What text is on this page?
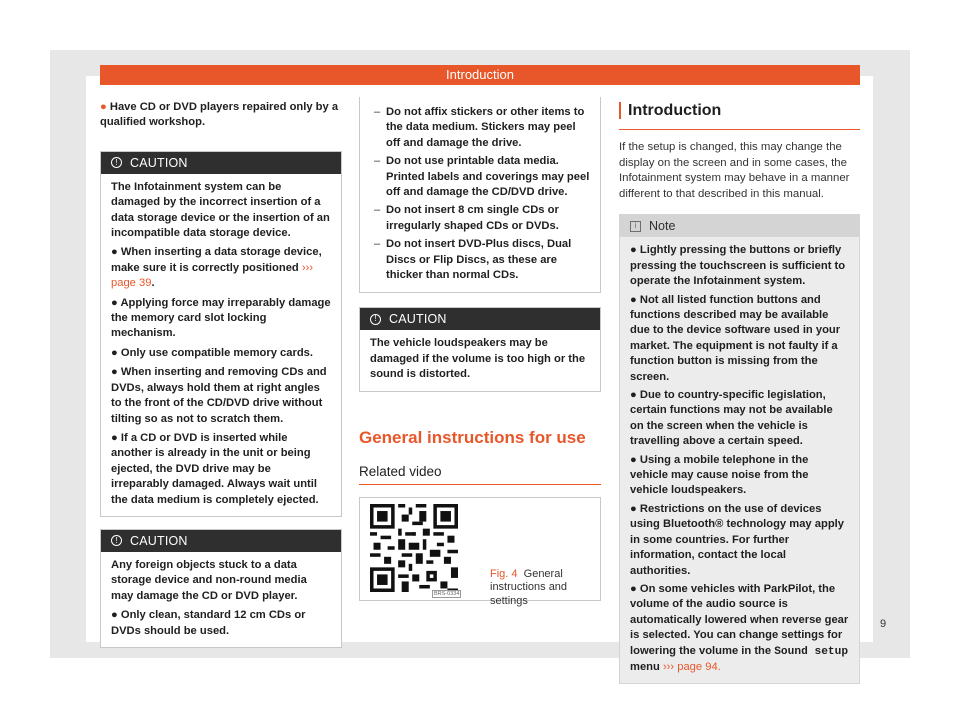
Introduction
● Have CD or DVD players repaired only by a qualified workshop.
! CAUTION

The Infotainment system can be damaged by the incorrect insertion of a data storage device or the insertion of an incompatible data storage device.

● When inserting a data storage device, make sure it is correctly positioned ››› page 39.

● Applying force may irreparably damage the memory card slot locking mechanism.

● Only use compatible memory cards.

● When inserting and removing CDs and DVDs, always hold them at right angles to the front of the CD/DVD drive without tilting so as not to scratch them.

● If a CD or DVD is inserted while another is already in the unit or being ejected, the DVD drive may be irreparably damaged. Always wait until the data medium is completely ejected.

! CAUTION

Any foreign objects stuck to a data storage device and non-round media may damage the CD or DVD player.

● Only clean, standard 12 cm CDs or DVDs should be used.

– Do not affix stickers or other items to the data medium. Stickers may peel off and damage the drive.
– Do not use printable data media. Printed labels and coverings may peel off and damage the CD/DVD drive.
– Do not insert 8 cm single CDs or irregularly shaped CDs or DVDs.
– Do not insert DVD-Plus discs, Dual Discs or Flip Discs, as these are thicker than normal CDs.
! CAUTION

The vehicle loudspeakers may be damaged if the volume is too high or the sound is distorted.

General instructions for use
Related video
BRS-0334
Fig. 4 General instructions and settings
Introduction

If the setup is changed, this may change the display on the screen and in some cases, the Infotainment system may behave in a manner different to that described in this manual.

i	Note

● Lightly pressing the buttons or briefly pressing the touchscreen is sufficient to operate the Infotainment system.

● Not all listed function buttons and functions described may be available due to the device software used in your market. The equipment is not faulty if a function button is missing from the screen.

● Due to country-specific legislation, certain functions may not be available on the screen when the vehicle is travelling above a certain speed.

● Using a mobile telephone in the vehicle may cause noise from the vehicle loudspeakers.

● Restrictions on the use of devices using Bluetooth® technology may apply in some countries. For further information, contact the local authorities.

● On some vehicles with ParkPilot, the volume of the audio source is automatically lowered when reverse gear is selected. You can change settings for lowering the volume in the Sound setup menu ››› page 94.

9
